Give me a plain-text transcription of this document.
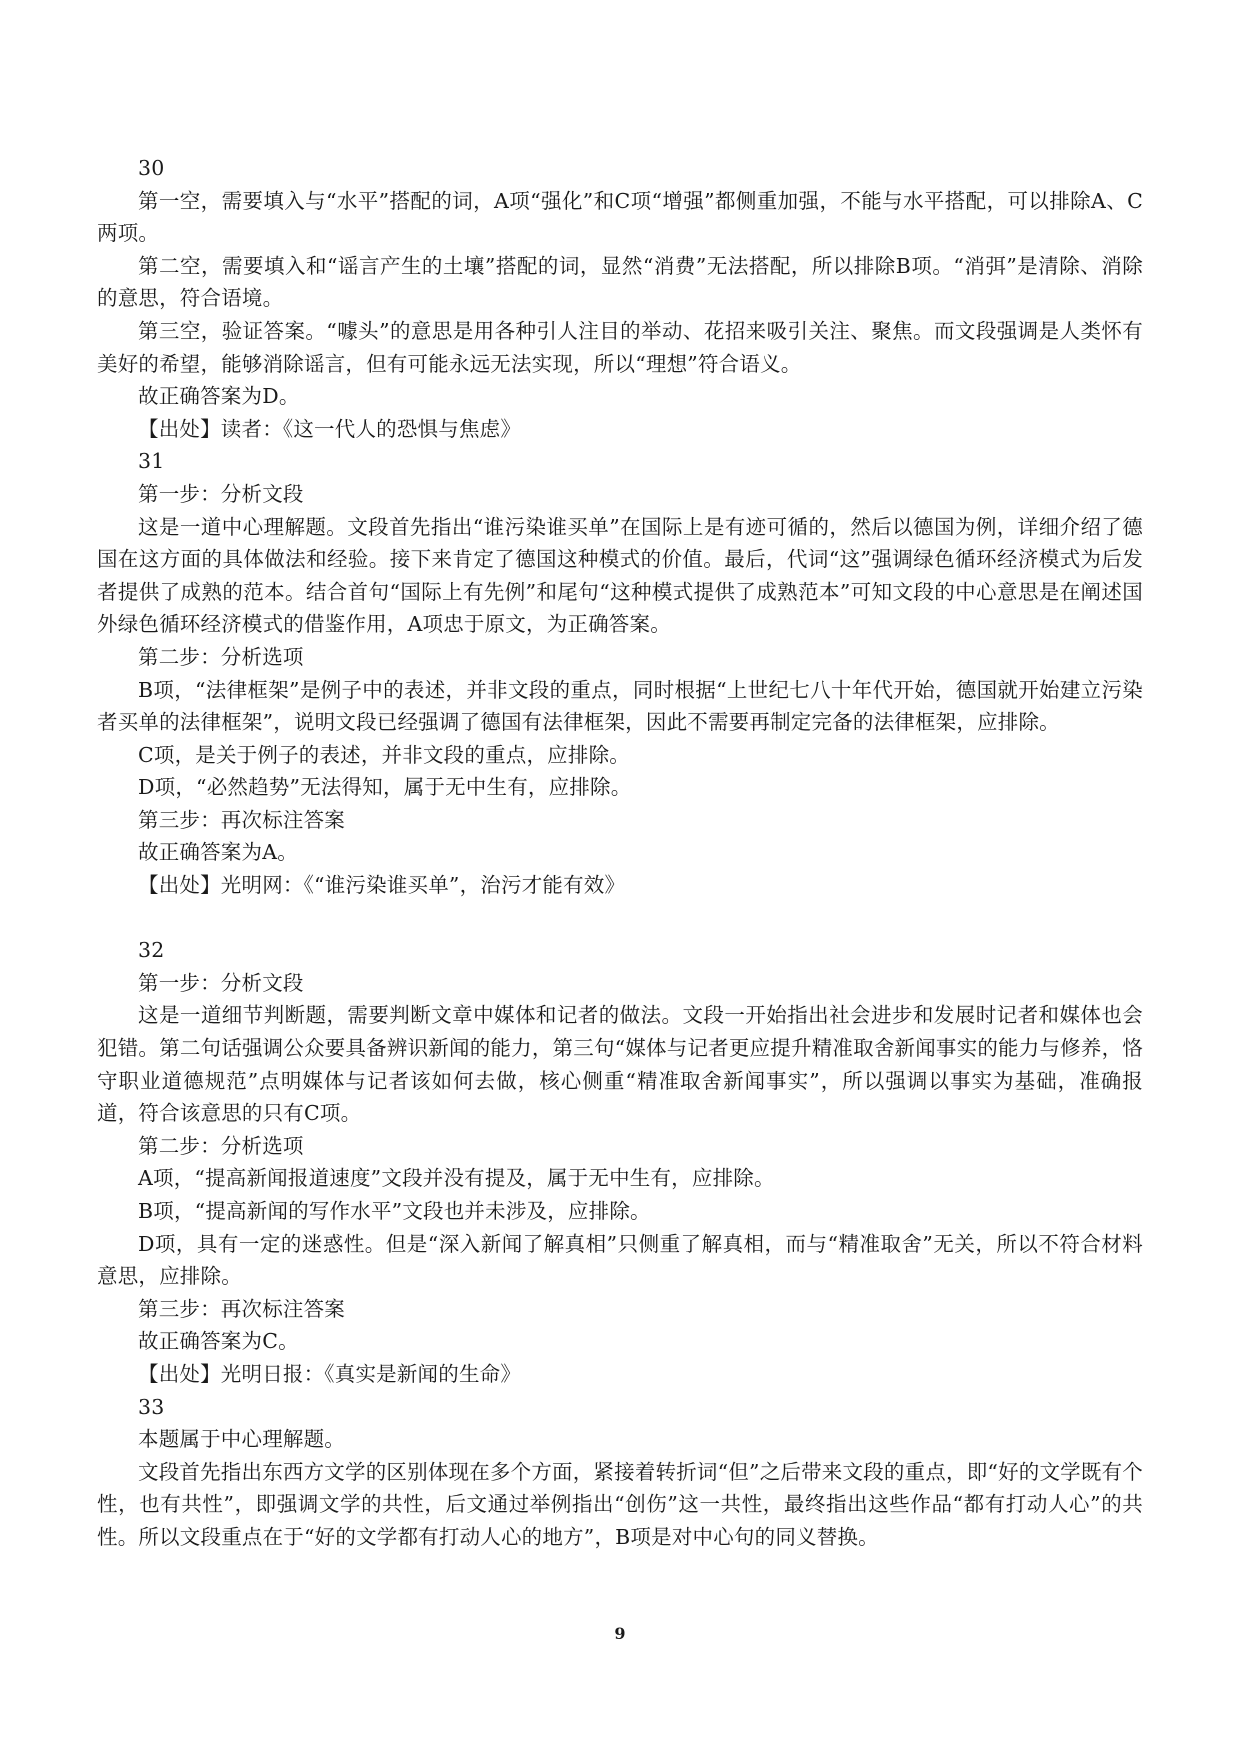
30

第一空，需要填入与“水平”搭配的词，A项“强化”和C项“增强”都侧重加强，不能与水平搭配，可以排除A、C两项。

第二空，需要填入和“谣言产生的土壤”搭配的词，显然“消费”无法搭配，所以排除B项。“消弭”是清除、消除的意思，符合语境。

第三空，验证答案。“噱头”的意思是用各种引人注目的举动、花招来吸引关注、聚焦。而文段强调是人类怀有美好的希望，能够消除谣言，但有可能永远无法实现，所以“理想”符合语义。

故正确答案为D。

【出处】读者：《这一代人的恐惧与焦虑》

31

第一步：分析文段

这是一道中心理解题。文段首先指出“谁污染谁买单”在国际上是有迹可循的，然后以德国为例，详细介绍了德国在这方面的具体做法和经验。接下来肯定了德国这种模式的价值。最后，代词“这”强调绿色循环经济模式为后发者提供了成熟的范本。结合首句“国际上有先例”和尾句“这种模式提供了成熟范本”可知文段的中心意思是在阐述国外绿色循环经济模式的借鉴作用，A项忠于原文，为正确答案。

第二步：分析选项

B项，“法律框架”是例子中的表述，并非文段的重点，同时根据“上世纪七八十年代开始，德国就开始建立污染者买单的法律框架”，说明文段已经强调了德国有法律框架，因此不需要再制定完备的法律框架，应排除。

C项，是关于例子的表述，并非文段的重点，应排除。

D项，“必然趋势”无法得知，属于无中生有，应排除。

第三步：再次标注答案

故正确答案为A。

【出处】光明网：《“谁污染谁买单”，治污才能有效》

32

第一步：分析文段

这是一道细节判断题，需要判断文章中媒体和记者的做法。文段一开始指出社会进步和发展时记者和媒体也会犯错。第二句话强调公众要具备辨识新闻的能力，第三句“媒体与记者更应提升精准取舍新闻事实的能力与修养，恪守职业道德规范”点明媒体与记者该如何去做，核心侧重“精准取舍新闻事实”，所以强调以事实为基础，准确报道，符合该意思的只有C项。

第二步：分析选项

A项，“提高新闻报道速度”文段并没有提及，属于无中生有，应排除。

B项，“提高新闻的写作水平”文段也并未涉及，应排除。

D项，具有一定的迷惑性。但是“深入新闻了解真相”只侧重了解真相，而与“精准取舍”无关，所以不符合材料意思，应排除。

第三步：再次标注答案

故正确答案为C。

【出处】光明日报：《真实是新闻的生命》

33

本题属于中心理解题。

文段首先指出东西方文学的区别体现在多个方面，紧接着转折词“但”之后带来文段的重点，即“好的文学既有个性，也有共性”，即强调文学的共性，后文通过举例指出“创伤”这一共性，最终指出这些作品“都有打动人心”的共性。所以文段重点在于“好的文学都有打动人心的地方”，B项是对中心句的同义替换。

9
